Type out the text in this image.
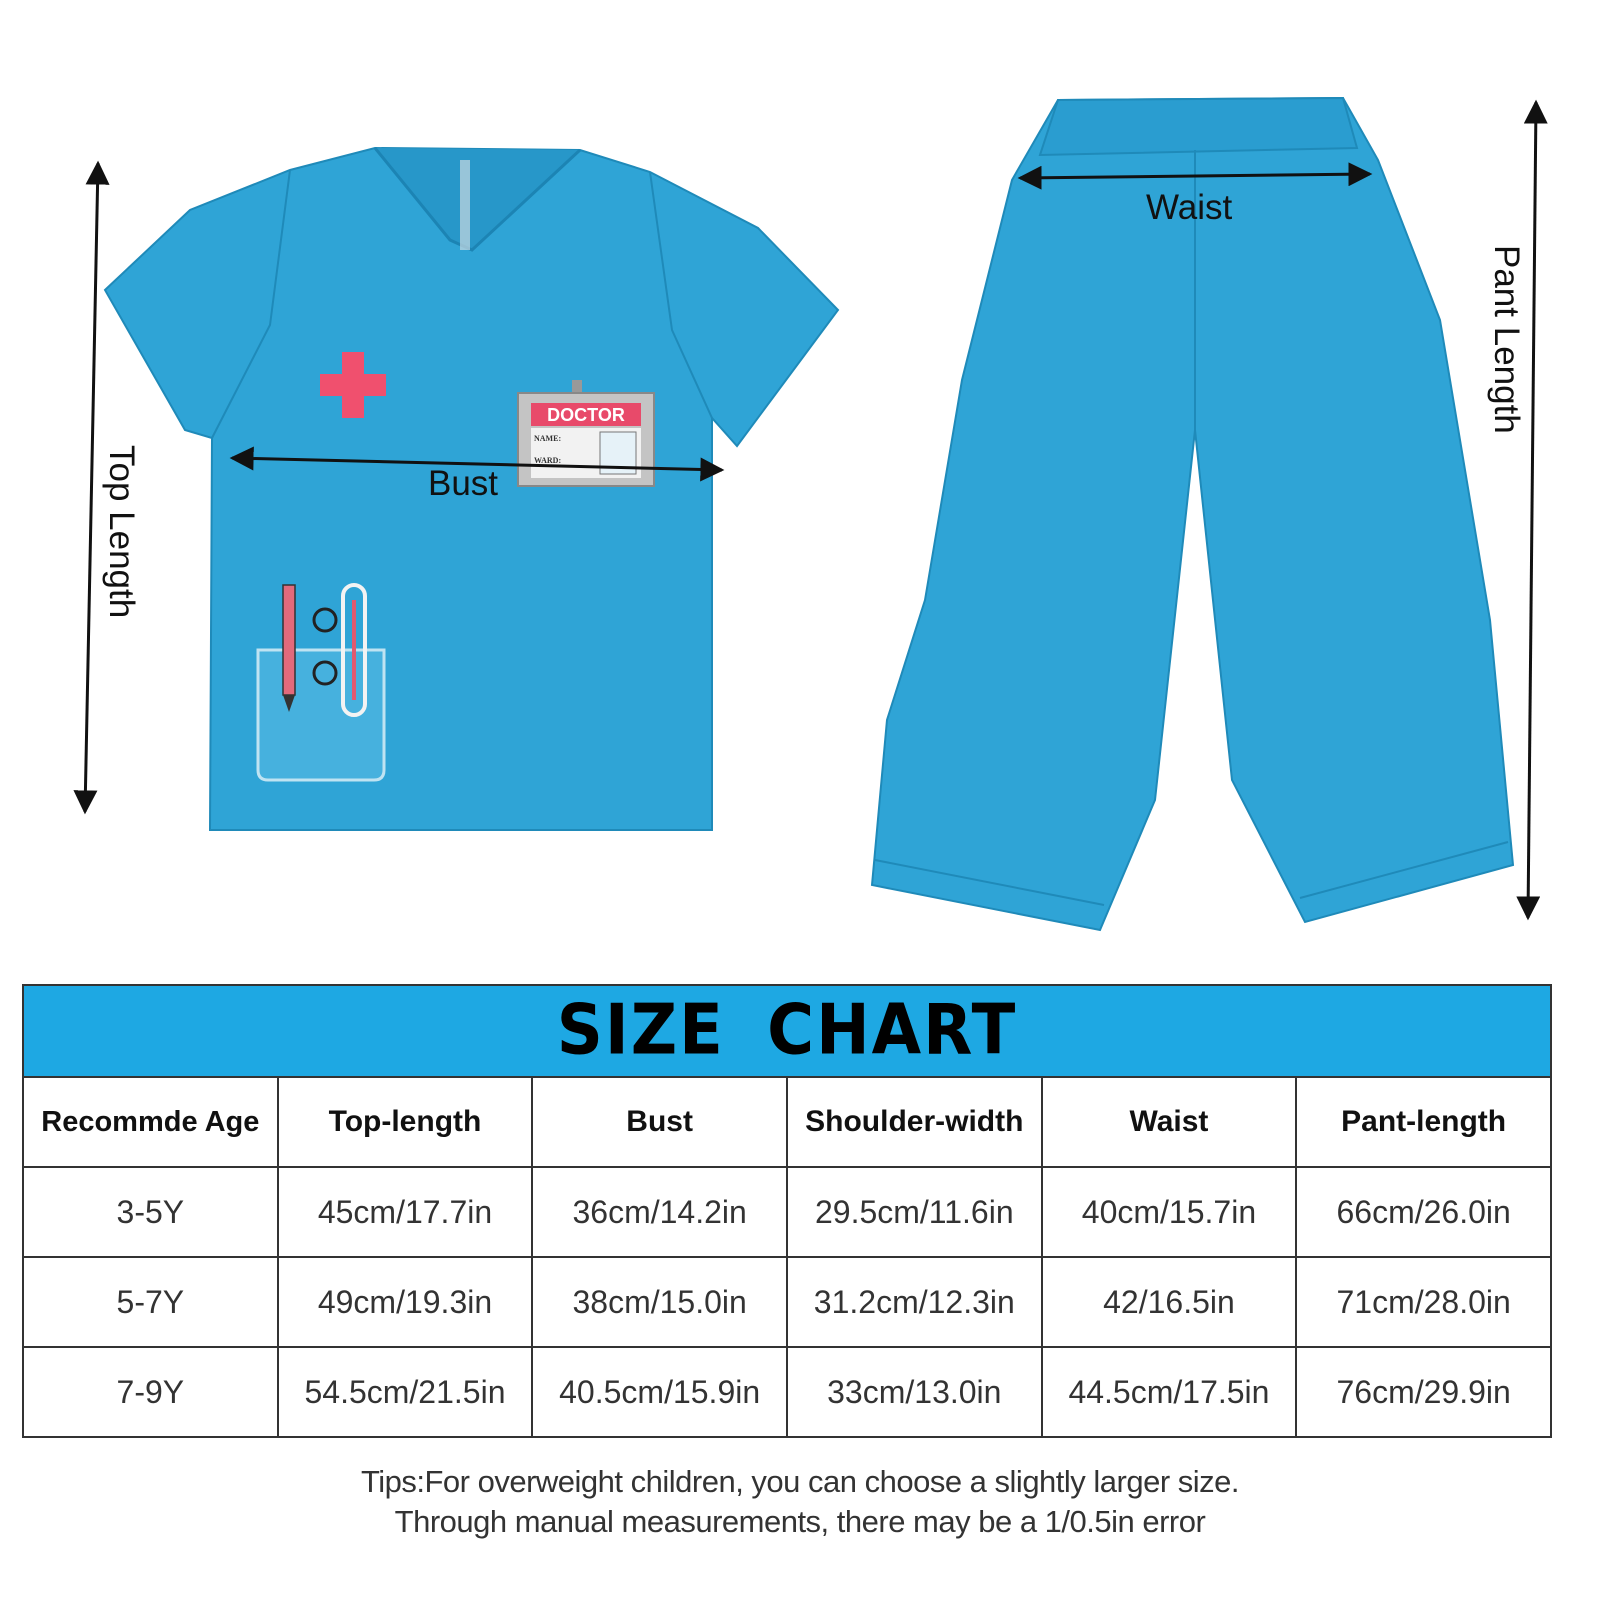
DOCTOR
NAME:
WARD:
Top Length	Bust
Waist
Pant Length
SIZE CHART
Recommde Age	Top-length	Bust	Shoulder-width	Waist	Pant-length
3-5Y	45cm/17.7in	36cm/14.2in	29.5cm/11.6in	40cm/15.7in	66cm/26.0in
5-7Y	49cm/19.3in	38cm/15.0in	31.2cm/12.3in	42/16.5in	71cm/28.0in
7-9Y	54.5cm/21.5in	40.5cm/15.9in	33cm/13.0in	44.5cm/17.5in	76cm/29.9in
Tips:For overweight children, you can choose a slightly larger size.
Through manual measurements, there may be a 1/0.5in error
